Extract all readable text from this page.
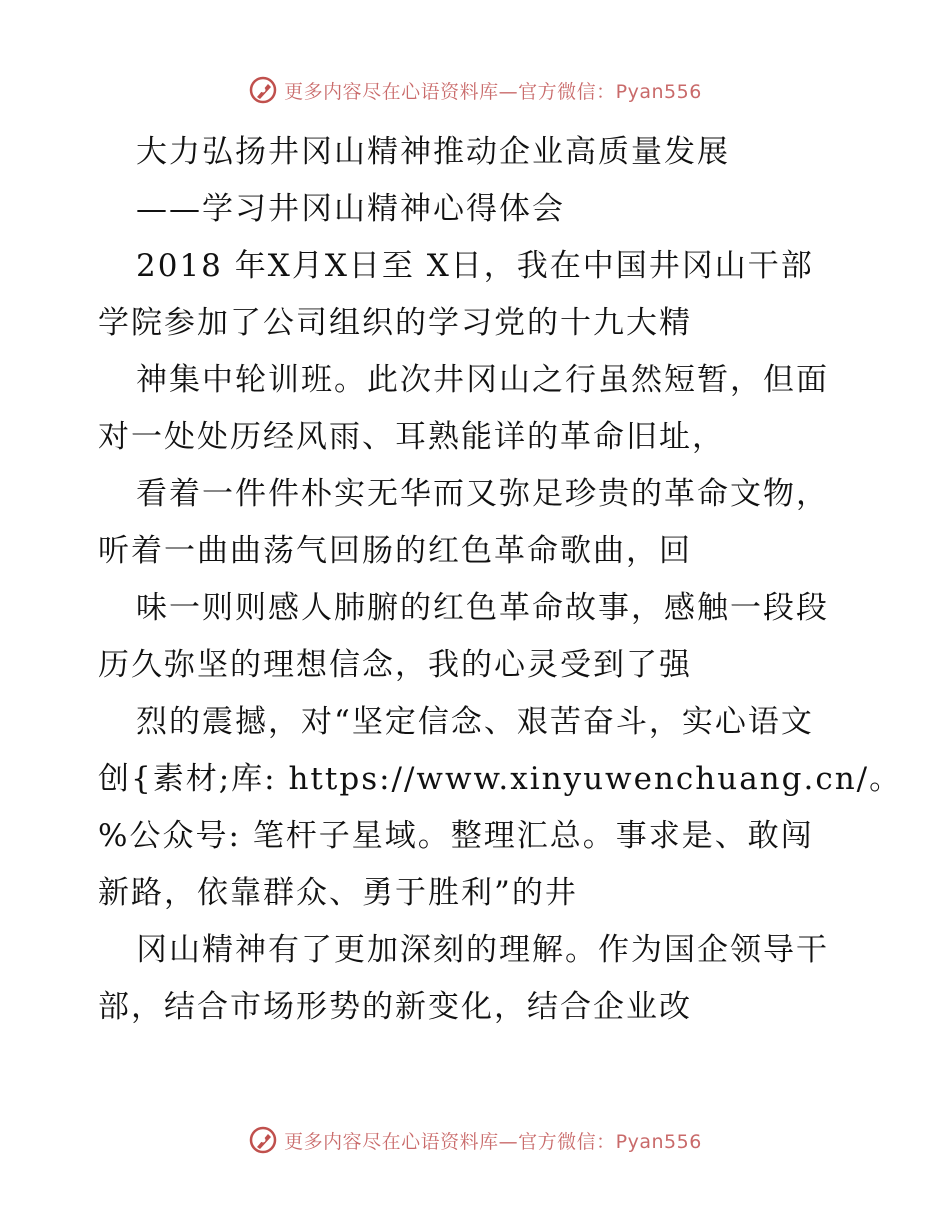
更多内容尽在心语资料库—官方微信：Pyan556
大力弘扬井冈山精神推动企业高质量发展
——学习井冈山精神心得体会
2018 年X月X日至 X日，我在中国井冈山干部
学院参加了公司组织的学习党的十九大精
神集中轮训班。此次井冈山之行虽然短暂，但面
对一处处历经风雨、耳熟能详的革命旧址，
看着一件件朴实无华而又弥足珍贵的革命文物，
听着一曲曲荡气回肠的红色革命歌曲，回
味一则则感人肺腑的红色革命故事，感触一段段
历久弥坚的理想信念，我的心灵受到了强
烈的震撼，对“坚定信念、艰苦奋斗，实心语文
创{素材;库: https://www.xinyuwenchuang.cn/。
%公众号: 笔杆子星域。整理汇总。事求是、敢闯
新路，依靠群众、勇于胜利”的井
冈山精神有了更加深刻的理解。作为国企领导干
部，结合市场形势的新变化，结合企业改
更多内容尽在心语资料库—官方微信：Pyan556
